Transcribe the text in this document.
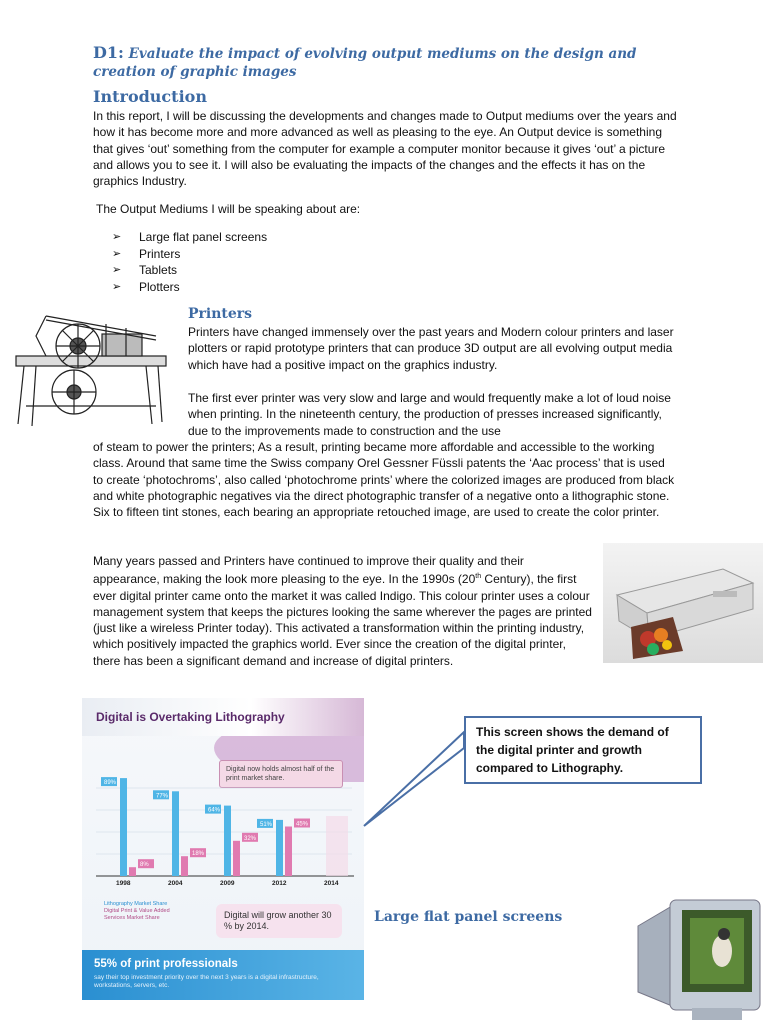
D1: Evaluate the impact of evolving output mediums on the design and creation of graphic images
Introduction
In this report, I will be discussing the developments and changes made to Output mediums over the years and how it has become more and more advanced as well as pleasing to the eye. An Output device is something that gives ‘out’ something from the computer for example a computer monitor because it gives ‘out’ a picture and allows you to see it. I will also be evaluating the impacts of the changes and the effects it has on the graphics Industry.
The Output Mediums I will be speaking about are:
➢	Large flat panel screens
➢	Printers
➢	Tablets
➢	Plotters
Printers
Printers have changed immensely over the past years and Modern colour printers and laser plotters or rapid prototype printers that can produce 3D output are all evolving output media which have had a positive impact on the graphics industry.
The first ever printer was very slow and large and would frequently make a lot of loud noise when printing. In the nineteenth century, the production of presses increased significantly, due to the improvements made to construction and the use
of steam to power the printers; As a result, printing became more affordable and accessible to the working class. Around that same time the Swiss company Orel Gessner Füssli patents the ‘Aac process’ that is used to create ‘photochroms’, also called ‘photochrome prints’ where the colorized images are produced from black and white photographic negatives via the direct photographic transfer of a negative onto a lithographic stone. Six to fifteen tint stones, each bearing an appropriate retouched image, are used to create the color printer.
Many years passed and Printers have continued to improve their quality and their appearance, making the look more pleasing to the eye. In the 1990s (20th Century), the first ever digital printer came onto the market it was called Indigo. This colour printer uses a colour management system that keeps the pictures looking the same wherever the pages are printed (just like a wireless Printer today). This activated a transformation within the printing industry, which positively impacted the graphics world. Ever since the creation of the digital printer, there has been a significant demand and increase of digital printers.
Digital is Overtaking Lithography
Digital now holds almost half of the print market share.
89%
8%
1998
77%
18%
2004
64%
32%
2009
51%	45%
2012	2014
Lithography Market Share
Digital Print & Value Added Services Market Share	Digital will grow another 30 % by 2014.
55% of print professionals
say their top investment priority over the next 3 years is a digital infrastructure, workstations, servers, etc.
This screen shows the demand of the digital printer and growth compared to Lithography.
Large flat panel screens
